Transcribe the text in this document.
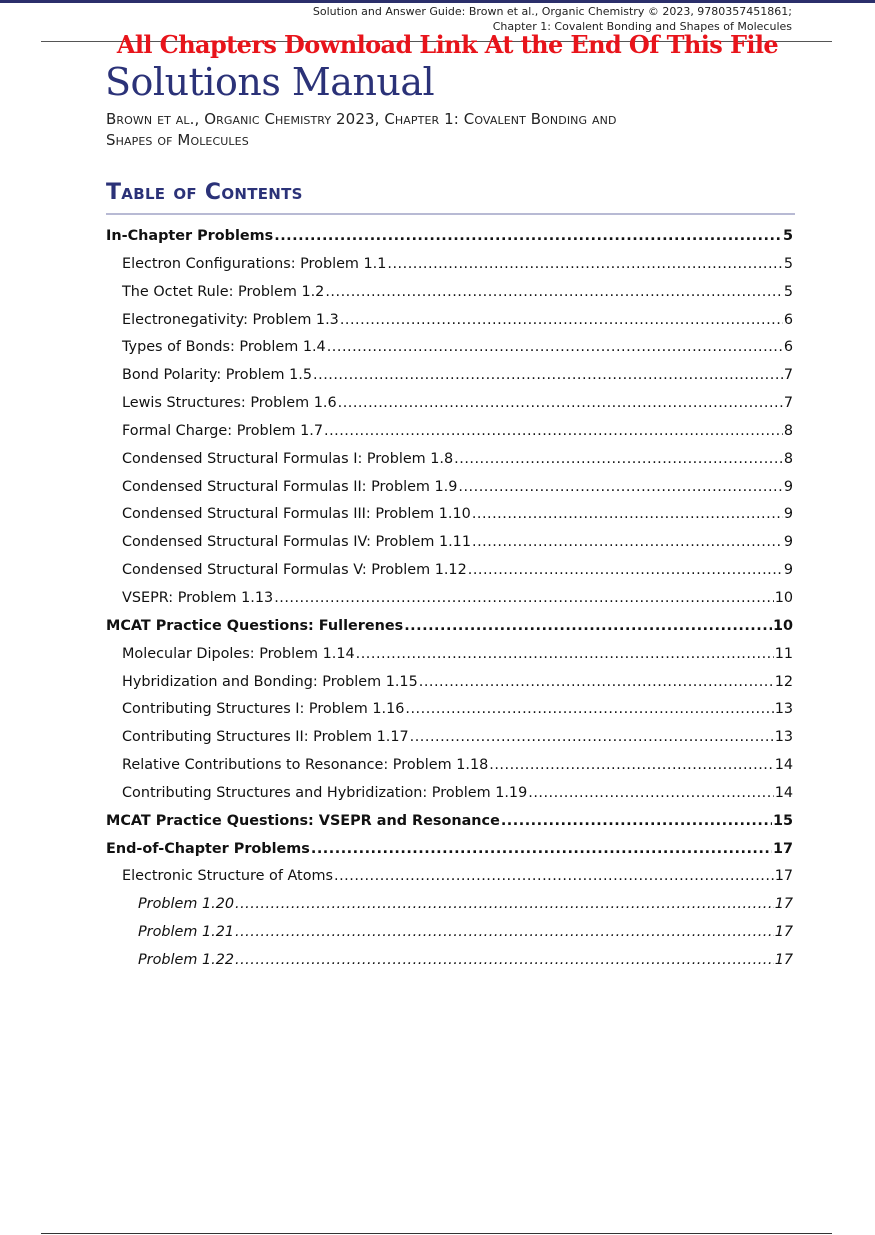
Solution and Answer Guide: Brown et al., Organic Chemistry © 2023, 9780357451861;
Chapter 1: Covalent Bonding and Shapes of Molecules
All Chapters Download Link At the End Of This File
Solutions Manual
Brown et al., Organic Chemistry 2023, Chapter 1: Covalent Bonding and Shapes of Molecules
Table of Contents
In-Chapter Problems .....	5
Electron Configurations: Problem 1.1 .....	5
The Octet Rule: Problem 1.2 .....	5
Electronegativity: Problem 1.3 .....	6
Types of Bonds: Problem 1.4 .....	6
Bond Polarity: Problem 1.5 .....	7
Lewis Structures: Problem 1.6 .....	7
Formal Charge: Problem 1.7 .....	8
Condensed Structural Formulas I: Problem 1.8 .....	8
Condensed Structural Formulas II: Problem 1.9 .....	9
Condensed Structural Formulas III: Problem 1.10 .....	9
Condensed Structural Formulas IV: Problem 1.11 .....	9
Condensed Structural Formulas V: Problem 1.12 .....	9
VSEPR: Problem 1.13 .....	10
MCAT Practice Questions: Fullerenes .....	10
Molecular Dipoles: Problem 1.14 .....	11
Hybridization and Bonding: Problem 1.15 .....	12
Contributing Structures I: Problem 1.16 .....	13
Contributing Structures II: Problem 1.17 .....	13
Relative Contributions to Resonance: Problem 1.18 .....	14
Contributing Structures and Hybridization: Problem 1.19 .....	14
MCAT Practice Questions: VSEPR and Resonance .....	15
End-of-Chapter Problems .....	17
Electronic Structure of Atoms .....	17
Problem 1.20 .....	17
Problem 1.21 .....	17
Problem 1.22 .....	17
